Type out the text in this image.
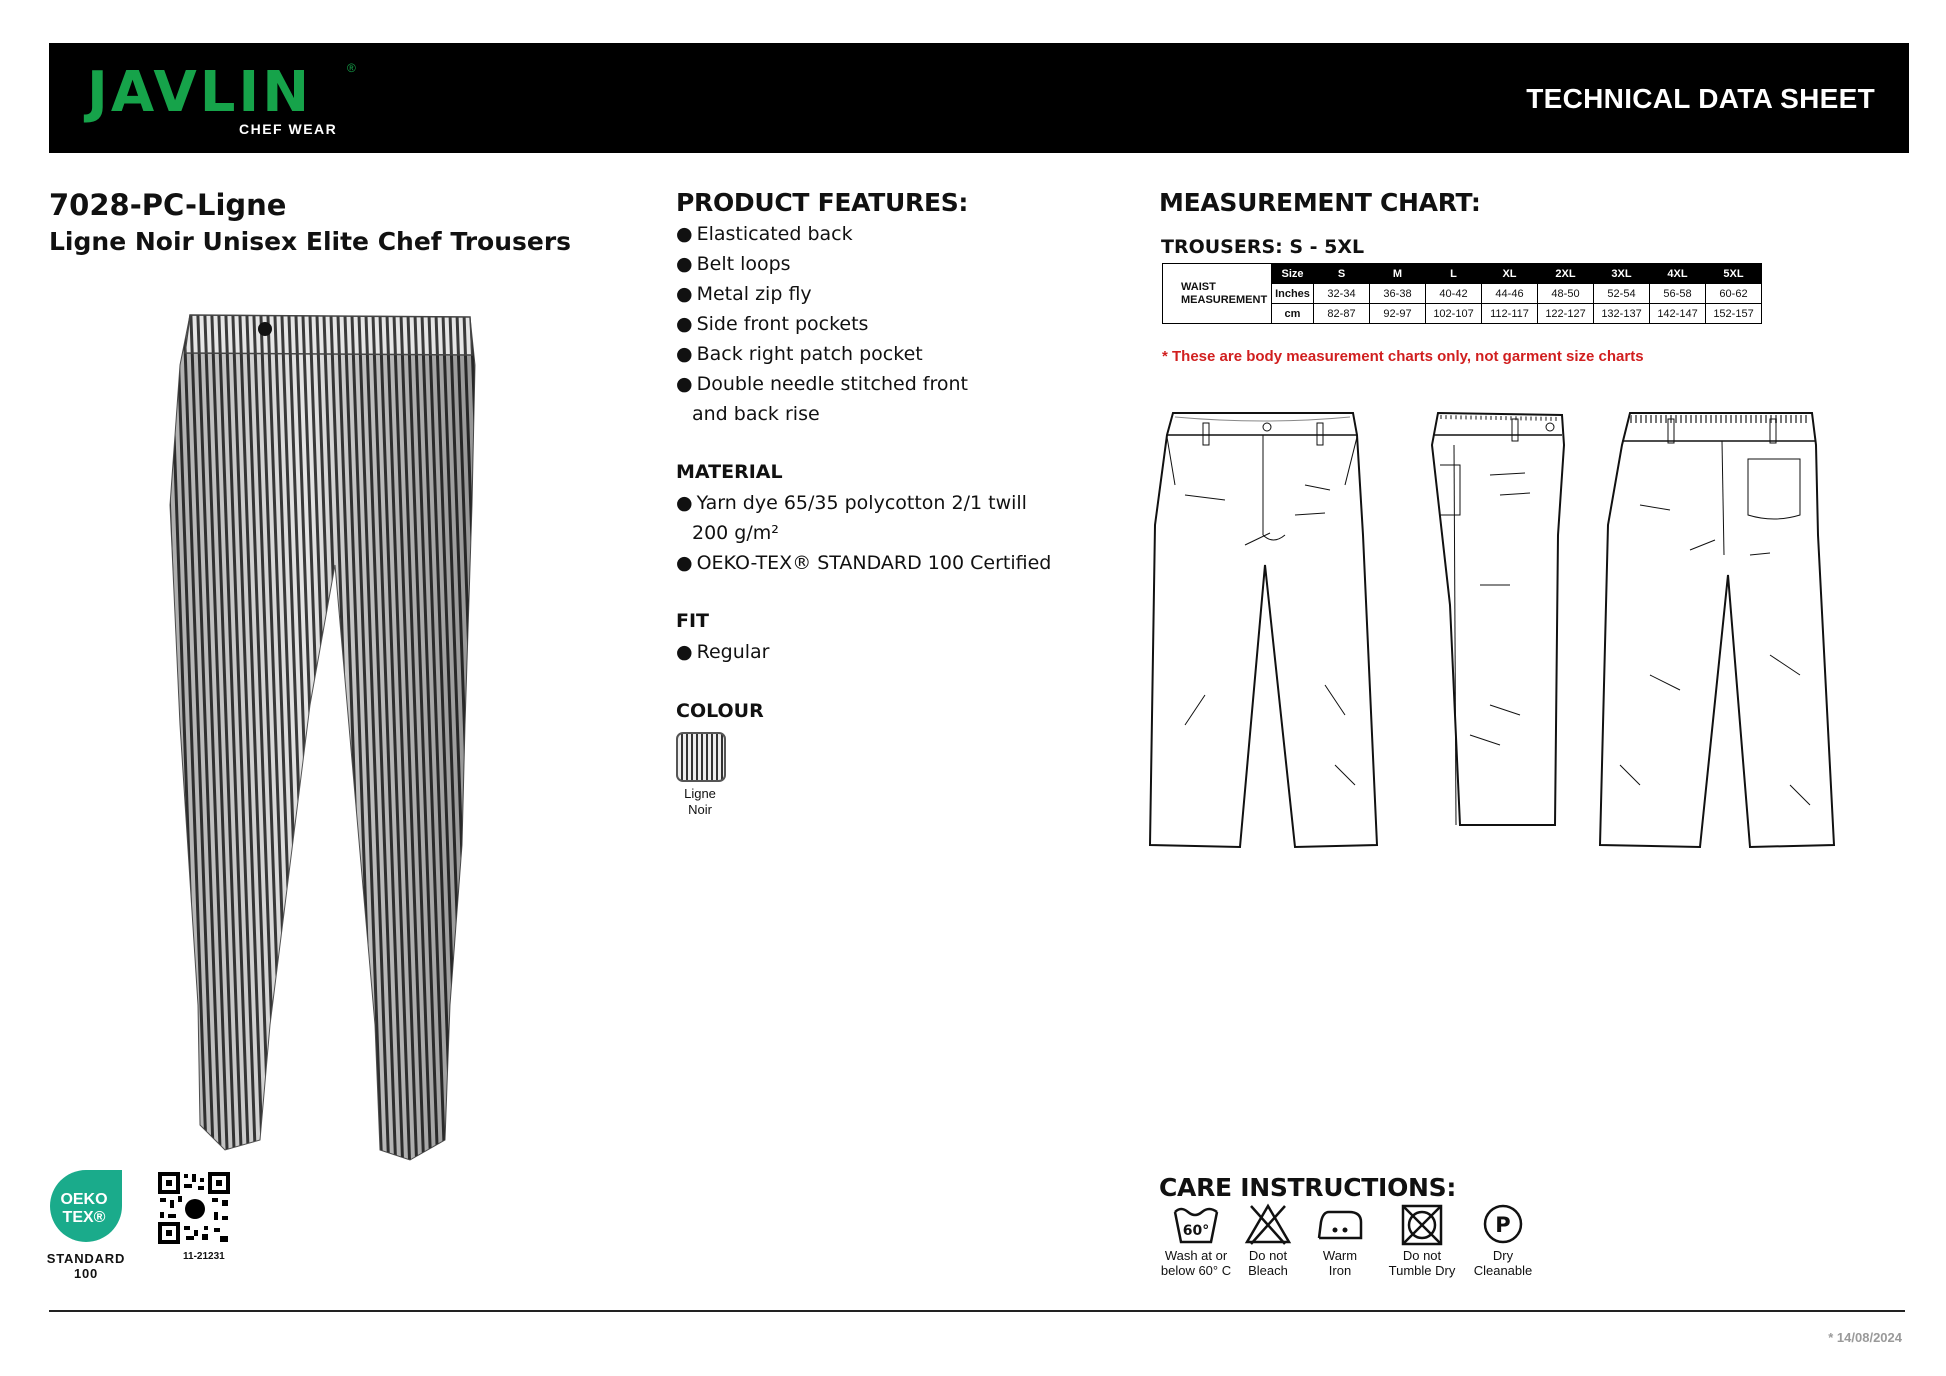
JAVLIN	®
CHEF WEAR
TECHNICAL DATA SHEET
7028-PC-Ligne
Ligne Noir Unisex Elite Chef Trousers
OEKO
TEX®
STANDARD
100
11-21231
PRODUCT FEATURES:
● Elasticated back
● Belt loops
● Metal zip fly
● Side front pockets
● Back right patch pocket
● Double needle stitched front
and back rise
MATERIAL
● Yarn dye 65/35 polycotton 2/1 twill
200 g/m²
● OEKO-TEX® STANDARD 100 Certified
FIT
● Regular
COLOUR
Ligne
Noir
MEASUREMENT CHART:
TROUSERS: S - 5XL
WAIST
MEASUREMENT	Size	S	M	L	XL	2XL	3XL	4XL	5XL
	Inches	32-34	36-38	40-42	44-46	48-50	52-54	56-58	60-62
	cm	82-87	92-97	102-107	112-117	122-127	132-137	142-147	152-157
* These are body measurement charts only, not garment size charts
CARE INSTRUCTIONS:
60°
Wash at or
below 60° C
Do not
Bleach
Warm
Iron
Do not
Tumble Dry
P
Dry
Cleanable
* 14/08/2024
